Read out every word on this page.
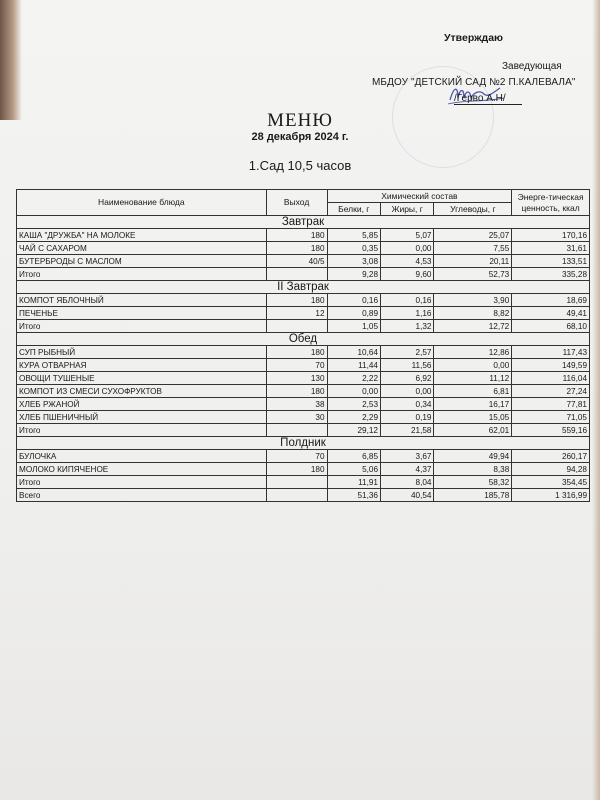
Утверждаю
Заведующая
МБДОУ "ДЕТСКИЙ САД №2 П.КАЛЕВАЛА"
/Герво А.Н/
МЕНЮ
28 декабря 2024 г.
1.Сад 10,5 часов
Наименование блюда	Выход	Химический состав			Энерге-тическая ценность, ккал
		Белки, г	Жиры, г	Углеводы, г	
Завтрак					
КАША "ДРУЖБА" НА МОЛОКЕ	180	5,85	5,07	25,07	170,16
ЧАЙ С САХАРОМ	180	0,35	0,00	7,55	31,61
БУТЕРБРОДЫ С МАСЛОМ	40/5	3,08	4,53	20,11	133,51
Итого		9,28	9,60	52,73	335,28
II Завтрак					
КОМПОТ ЯБЛОЧНЫЙ	180	0,16	0,16	3,90	18,69
ПЕЧЕНЬЕ	12	0,89	1,16	8,82	49,41
Итого		1,05	1,32	12,72	68,10
Обед					
СУП РЫБНЫЙ	180	10,64	2,57	12,86	117,43
КУРА ОТВАРНАЯ	70	11,44	11,56	0,00	149,59
ОВОЩИ ТУШЕНЫЕ	130	2,22	6,92	11,12	116,04
КОМПОТ ИЗ СМЕСИ СУХОФРУКТОВ	180	0,00	0,00	6,81	27,24
ХЛЕБ РЖАНОЙ	38	2,53	0,34	16,17	77,81
ХЛЕБ ПШЕНИЧНЫЙ	30	2,29	0,19	15,05	71,05
Итого		29,12	21,58	62,01	559,16
Полдник					
БУЛОЧКА	70	6,85	3,67	49,94	260,17
МОЛОКО КИПЯЧЕНОЕ	180	5,06	4,37	8,38	94,28
Итого		11,91	8,04	58,32	354,45
Всего		51,36	40,54	185,78	1 316,99
